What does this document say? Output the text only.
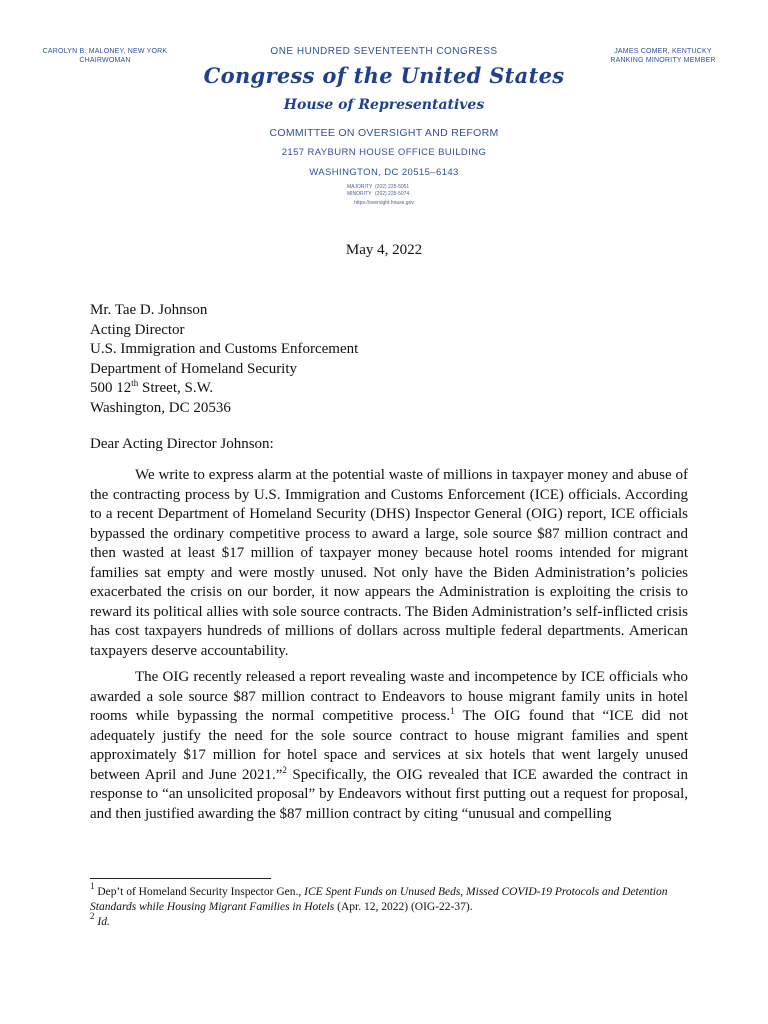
CAROLYN B. MALONEY, NEW YORK
CHAIRWOMAN
JAMES COMER, KENTUCKY
RANKING MINORITY MEMBER
ONE HUNDRED SEVENTEENTH CONGRESS
Congress of the United States
House of Representatives
COMMITTEE ON OVERSIGHT AND REFORM
2157 RAYBURN HOUSE OFFICE BUILDING
WASHINGTON, DC 20515–6143
MAJORITY (202) 225-5051
MINORITY (202) 225-5074
https://oversight.house.gov
May 4, 2022
Mr. Tae D. Johnson
Acting Director
U.S. Immigration and Customs Enforcement
Department of Homeland Security
500 12th Street, S.W.
Washington, DC 20536
Dear Acting Director Johnson:

We write to express alarm at the potential waste of millions in taxpayer money and abuse of the contracting process by U.S. Immigration and Customs Enforcement (ICE) officials. According to a recent Department of Homeland Security (DHS) Inspector General (OIG) report, ICE officials bypassed the ordinary competitive process to award a large, sole source $87 million contract and then wasted at least $17 million of taxpayer money because hotel rooms intended for migrant families sat empty and were mostly unused. Not only have the Biden Administration’s policies exacerbated the crisis on our border, it now appears the Administration is exploiting the crisis to reward its political allies with sole source contracts. The Biden Administration’s self-inflicted crisis has cost taxpayers hundreds of millions of dollars across multiple federal departments. American taxpayers deserve accountability.

The OIG recently released a report revealing waste and incompetence by ICE officials who awarded a sole source $87 million contract to Endeavors to house migrant family units in hotel rooms while bypassing the normal competitive process.$^1$ The OIG found that “ICE did not adequately justify the need for the sole source contract to house migrant families and spent approximately $17 million for hotel space and services at six hotels that went largely unused between April and June 2021.”$^2$ Specifically, the OIG revealed that ICE awarded the contract in response to “an unsolicited proposal” by Endeavors without first putting out a request for proposal, and then justified awarding the $87 million contract by citing “unusual and compelling

$^1$ Dep’t of Homeland Security Inspector Gen., ICE Spent Funds on Unused Beds, Missed COVID-19 Protocols and Detention Standards while Housing Migrant Families in Hotels (Apr. 12, 2022) (OIG-22-37).
$^2$ Id.
